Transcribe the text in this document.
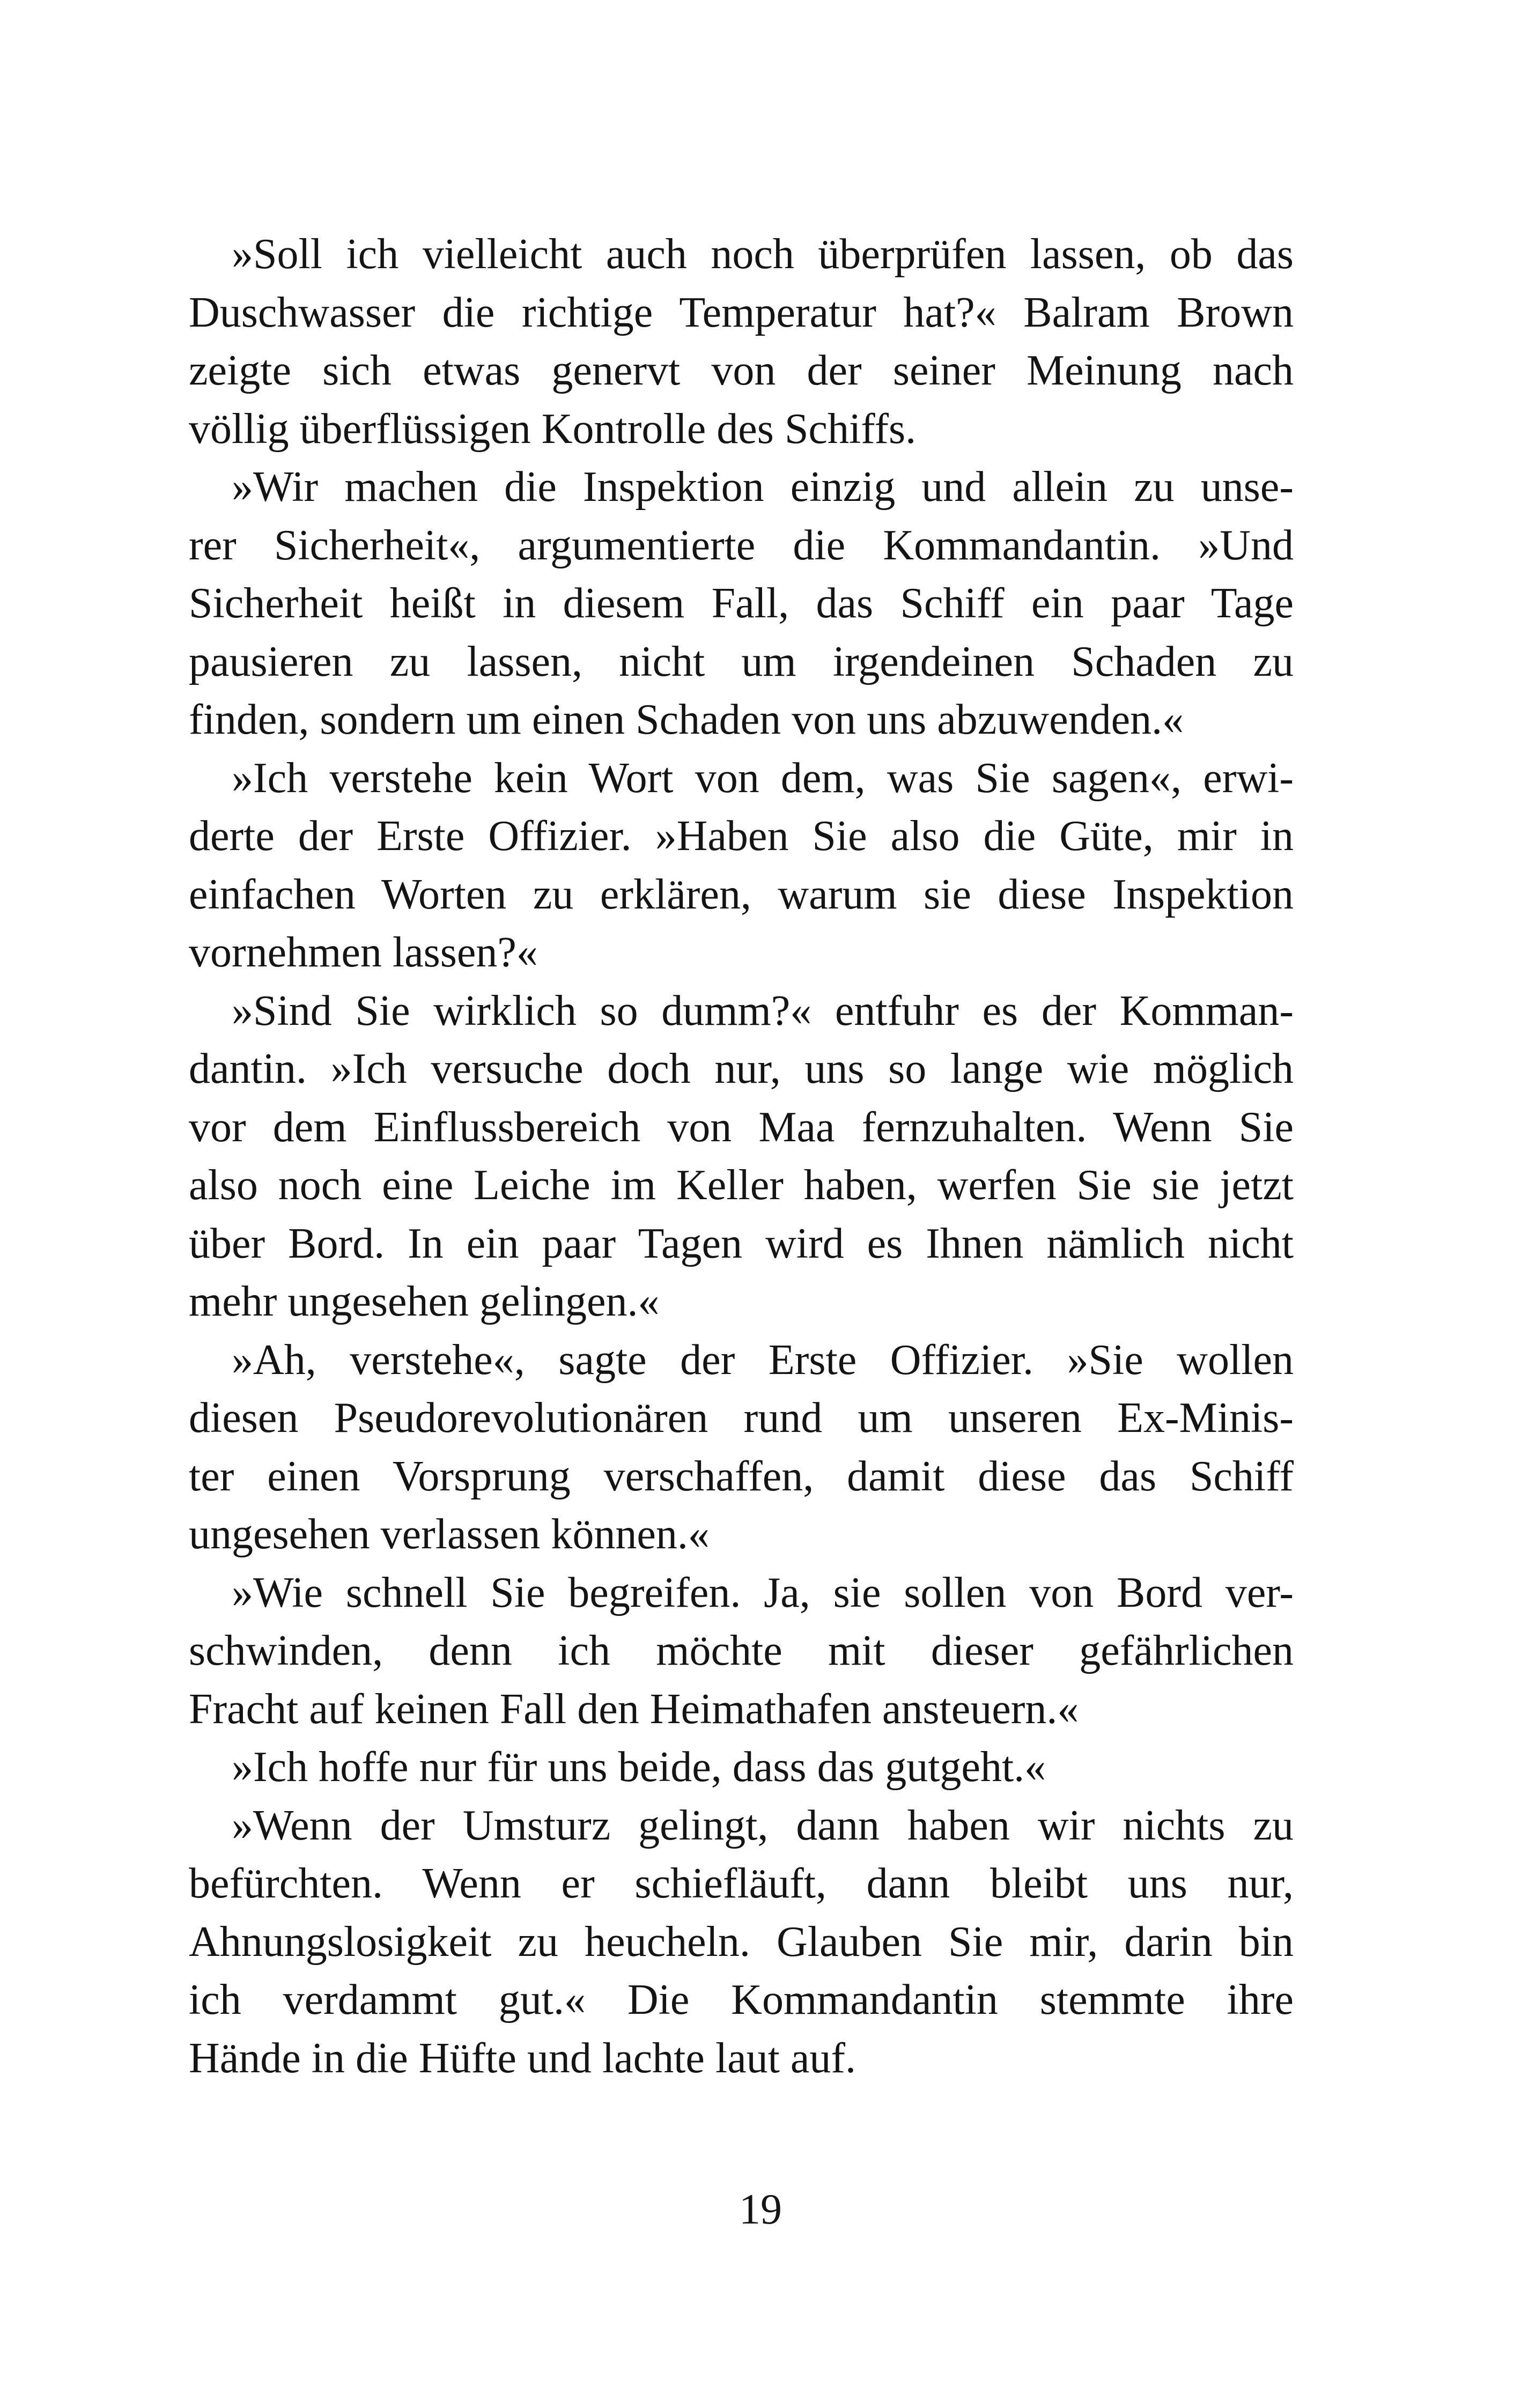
»Soll ich vielleicht auch noch überprüfen lassen, ob das
Duschwasser die richtige Temperatur hat?« Balram Brown
zeigte sich etwas genervt von der seiner Meinung nach
völlig überflüssigen Kontrolle des Schiffs.

»Wir machen die Inspektion einzig und allein zu unse-
rer Sicherheit«, argumentierte die Kommandantin. »Und
Sicherheit heißt in diesem Fall, das Schiff ein paar Tage
pausieren zu lassen, nicht um irgendeinen Schaden zu
finden, sondern um einen Schaden von uns abzuwenden.«

»Ich verstehe kein Wort von dem, was Sie sagen«, erwi-
derte der Erste Offizier. »Haben Sie also die Güte, mir in
einfachen Worten zu erklären, warum sie diese Inspektion
vornehmen lassen?«

»Sind Sie wirklich so dumm?« entfuhr es der Komman-
dantin. »Ich versuche doch nur, uns so lange wie möglich
vor dem Einflussbereich von Maa fernzuhalten. Wenn Sie
also noch eine Leiche im Keller haben, werfen Sie sie jetzt
über Bord. In ein paar Tagen wird es Ihnen nämlich nicht
mehr ungesehen gelingen.«

»Ah, verstehe«, sagte der Erste Offizier. »Sie wollen
diesen Pseudorevolutionären rund um unseren Ex-Minis-
ter einen Vorsprung verschaffen, damit diese das Schiff
ungesehen verlassen können.«

»Wie schnell Sie begreifen. Ja, sie sollen von Bord ver-
schwinden, denn ich möchte mit dieser gefährlichen
Fracht auf keinen Fall den Heimathafen ansteuern.«

»Ich hoffe nur für uns beide, dass das gutgeht.«

»Wenn der Umsturz gelingt, dann haben wir nichts zu
befürchten. Wenn er schiefläuft, dann bleibt uns nur,
Ahnungslosigkeit zu heucheln. Glauben Sie mir, darin bin
ich verdammt gut.« Die Kommandantin stemmte ihre
Hände in die Hüfte und lachte laut auf.

19
